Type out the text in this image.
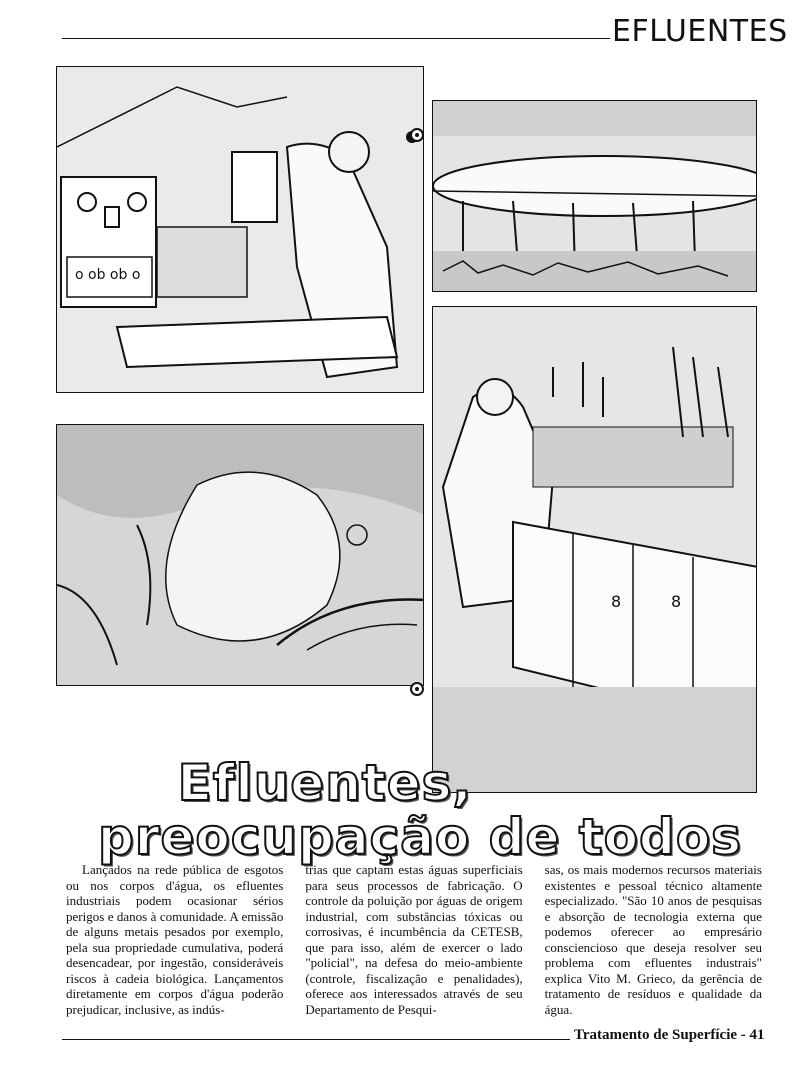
EFLUENTES
o ob ob o
8	8
Efluentes,
preocupação de todos

Lançados na rede pública de esgotos ou nos corpos d'água, os efluentes industriais podem ocasionar sérios perigos e danos à comunidade. A emissão de alguns metais pesados por exemplo, pela sua propriedade cumulativa, poderá desencadear, por ingestão, consideráveis riscos à cadeia biológica. Lançamentos diretamente em corpos d'água poderão prejudicar, inclusive, as indús-

trias que captam estas águas superficiais para seus processos de fabricação. O controle da poluição por águas de origem industrial, com substâncias tóxicas ou corrosivas, é incumbência da CETESB, que para isso, além de exercer o lado "policial", na defesa do meio-ambiente (controle, fiscalização e penalidades), oferece aos interessados através de seu Departamento de Pesqui-

sas, os mais modernos recursos materiais existentes e pessoal técnico altamente especializado. "São 10 anos de pesquisas e absorção de tecnologia externa que podemos oferecer ao empresário consciencioso que deseja resolver seu problema com efluentes industrais" explica Vito M. Grieco, da gerência de tratamento de resíduos e qualidade da água.

Tratamento de Superfície - 41
